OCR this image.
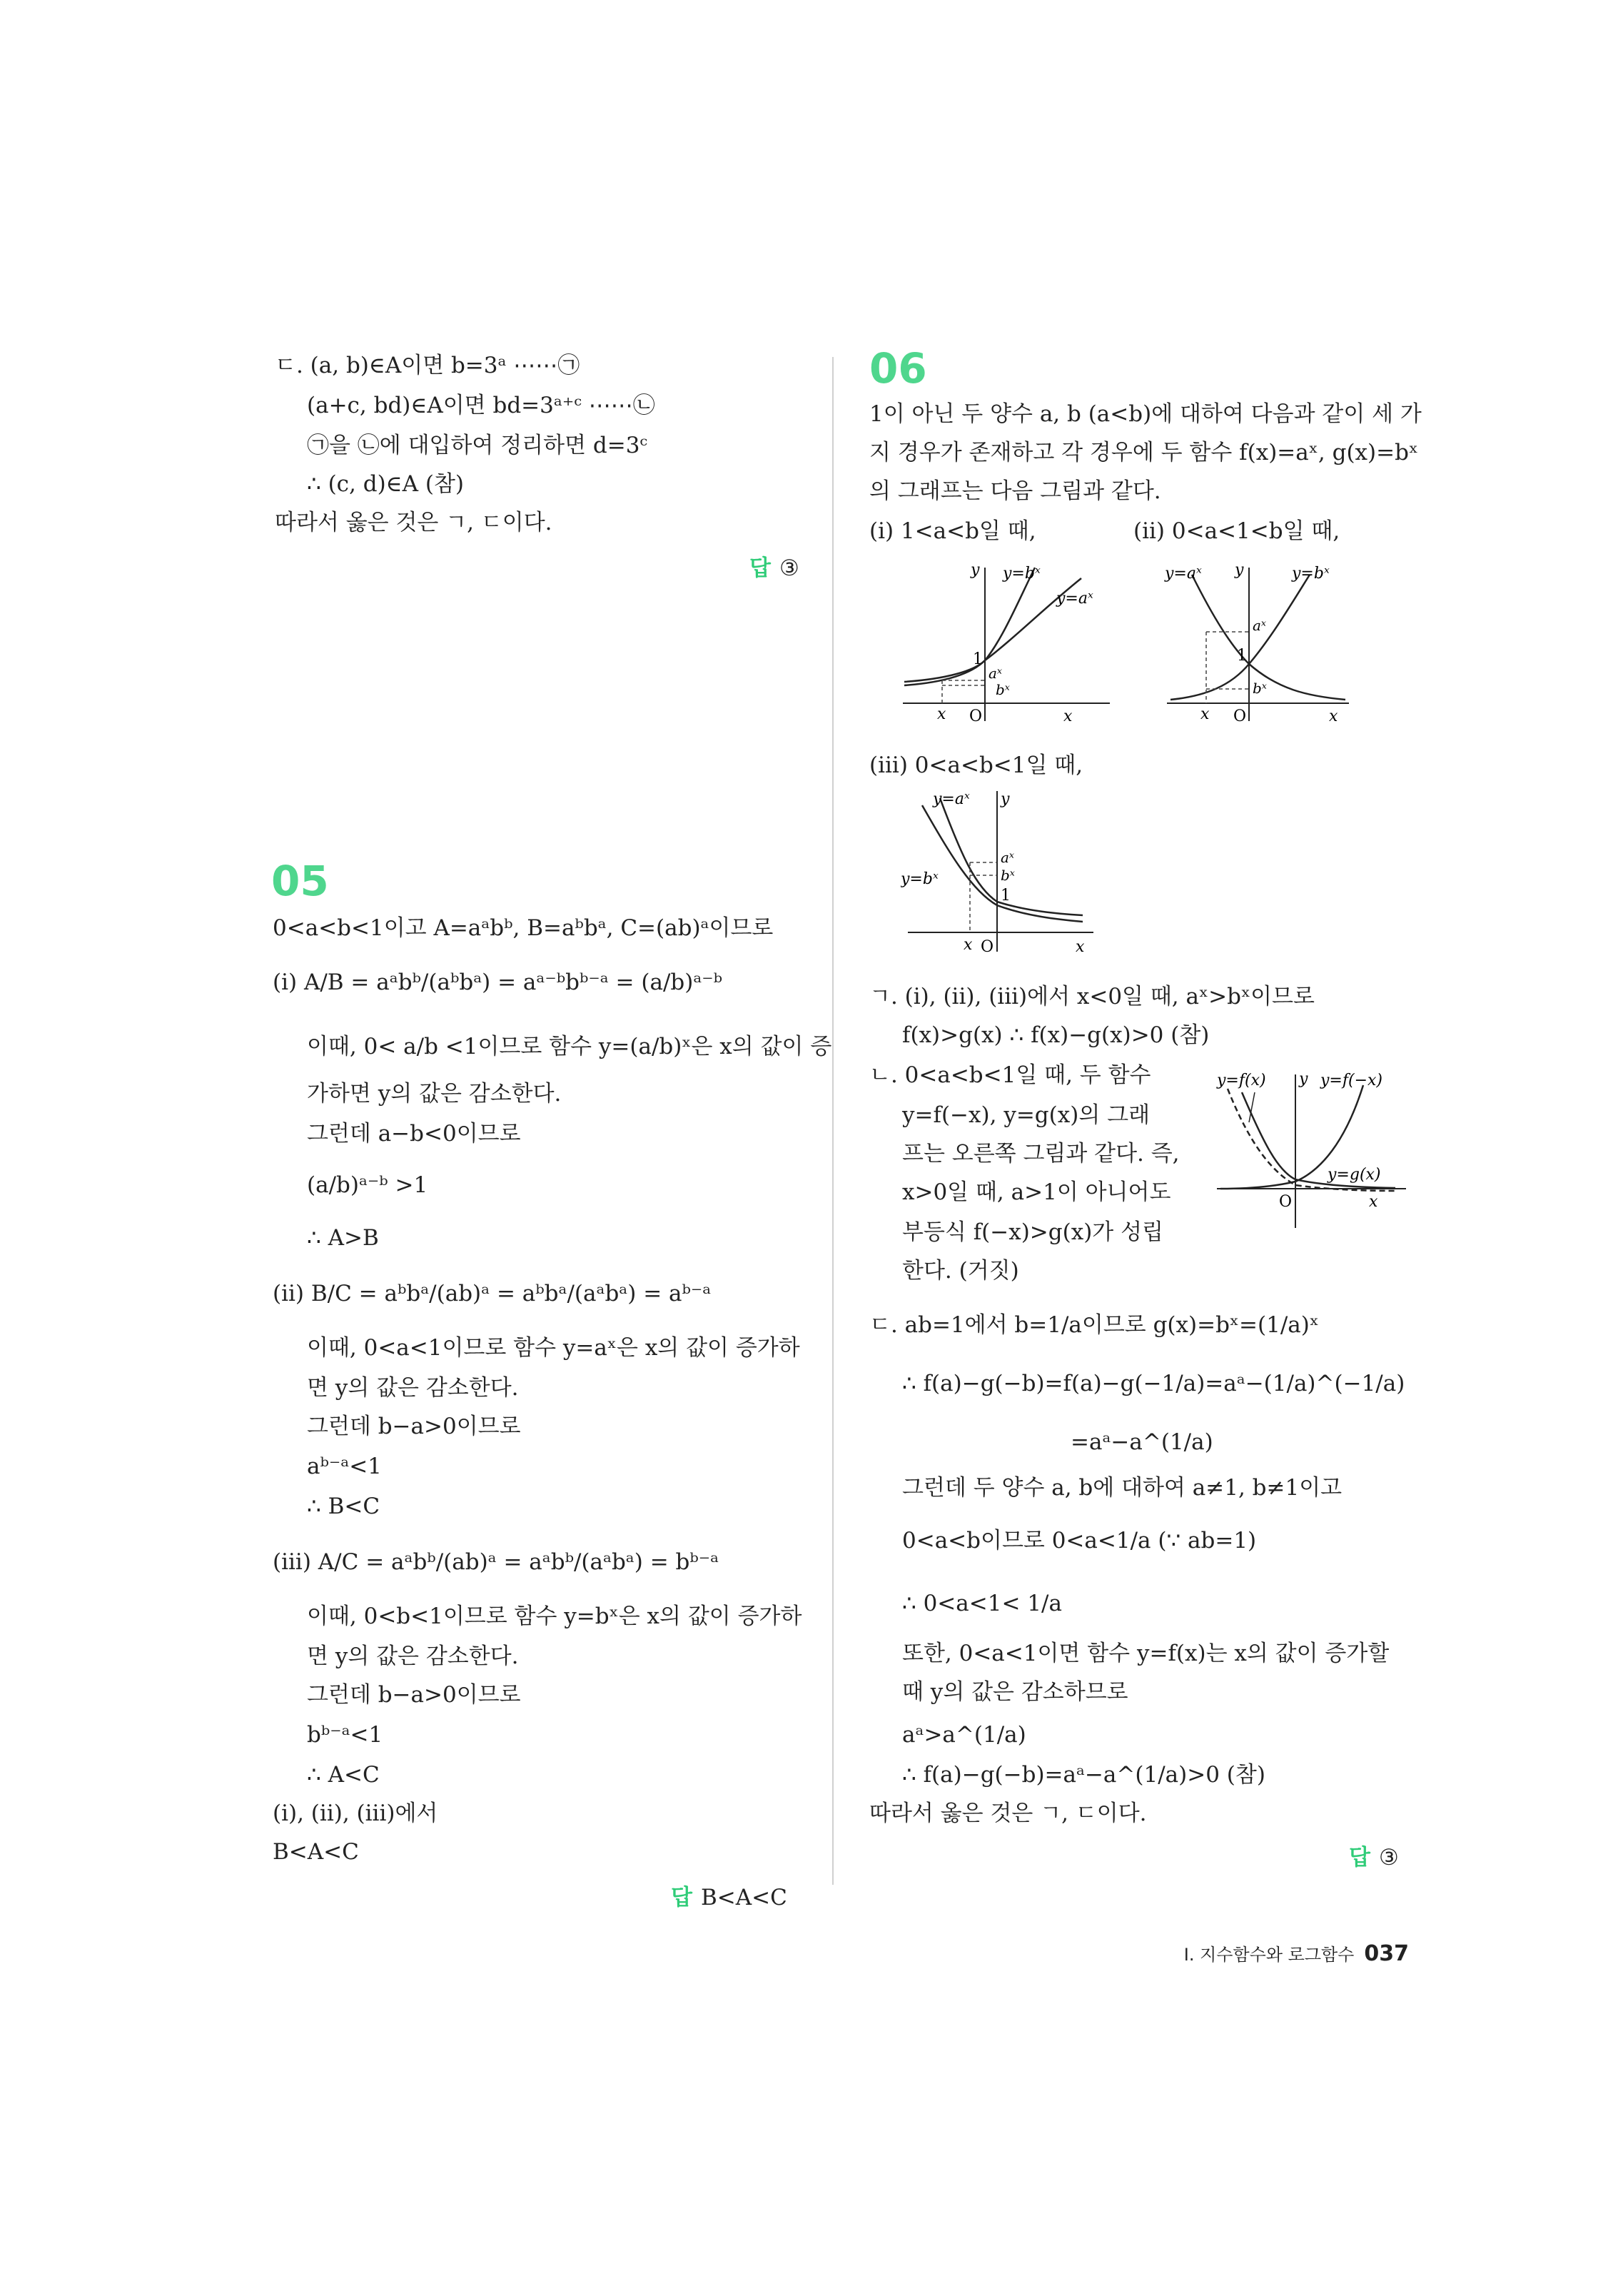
ㄷ. (a, b)∈A이면 b=3ᵃ ⋯⋯㉠
(a+c, bd)∈A이면 bd=3ᵃ⁺ᶜ ⋯⋯㉡
㉠을 ㉡에 대입하여 정리하면 d=3ᶜ
∴ (c, d)∈A (참)
따라서 옳은 것은 ㄱ, ㄷ이다.
답 ③
05
0<a<b<1이고 A=aᵃbᵇ, B=aᵇbᵃ, C=(ab)ᵃ이므로
(i) A/B = aᵃbᵇ/(aᵇbᵃ) = aᵃ⁻ᵇbᵇ⁻ᵃ = (a/b)ᵃ⁻ᵇ
이때, 0< a/b <1이므로 함수 y=(a/b)ˣ은 x의 값이 증
가하면 y의 값은 감소한다.
그런데 a−b<0이므로
(a/b)ᵃ⁻ᵇ >1
∴ A>B
(ii) B/C = aᵇbᵃ/(ab)ᵃ = aᵇbᵃ/(aᵃbᵃ) = aᵇ⁻ᵃ
이때, 0<a<1이므로 함수 y=aˣ은 x의 값이 증가하
면 y의 값은 감소한다.
그런데 b−a>0이므로
aᵇ⁻ᵃ<1
∴ B<C
(iii) A/C = aᵃbᵇ/(ab)ᵃ = aᵃbᵇ/(aᵃbᵃ) = bᵇ⁻ᵃ
이때, 0<b<1이므로 함수 y=bˣ은 x의 값이 증가하
면 y의 값은 감소한다.
그런데 b−a>0이므로
bᵇ⁻ᵃ<1
∴ A<C
(i), (ii), (iii)에서
B<A<C
답 B<A<C
06
1이 아닌 두 양수 a, b (a<b)에 대하여 다음과 같이 세 가
지 경우가 존재하고 각 경우에 두 함수 f(x)=aˣ, g(x)=bˣ
의 그래프는 다음 그림과 같다.
(i) 1<a<b일 때,	(ii) 0<a<1<b일 때,
y y=bˣ
y=aˣ
1
aˣ
bˣ
x O	x
y=aˣ y	y=bˣ
aˣ
1
bˣ
x O	x
(iii) 0<a<b<1일 때,
y=aˣ y
aˣ
y=bˣ	bˣ
1
x O	x
ㄱ. (i), (ii), (iii)에서 x<0일 때, aˣ>bˣ이므로
f(x)>g(x) ∴ f(x)−g(x)>0 (참)
ㄴ. 0<a<b<1일 때, 두 함수
y=f(−x), y=g(x)의 그래
프는 오른쪽 그림과 같다. 즉,
x>0일 때, a>1이 아니어도
부등식 f(−x)>g(x)가 성립
한다. (거짓)
y=f(x) y y=f(−x)
y=g(x)
O	x
ㄷ. ab=1에서 b=1/a이므로 g(x)=bˣ=(1/a)ˣ
∴ f(a)−g(−b)=f(a)−g(−1/a)=aᵃ−(1/a)^(−1/a)
=aᵃ−a^(1/a)
그런데 두 양수 a, b에 대하여 a≠1, b≠1이고
0<a<b이므로 0<a<1/a (∵ ab=1)
∴ 0<a<1< 1/a
또한, 0<a<1이면 함수 y=f(x)는 x의 값이 증가할
때 y의 값은 감소하므로
aᵃ>a^(1/a)
∴ f(a)−g(−b)=aᵃ−a^(1/a)>0 (참)
따라서 옳은 것은 ㄱ, ㄷ이다.
답 ③
I. 지수함수와 로그함수 037
